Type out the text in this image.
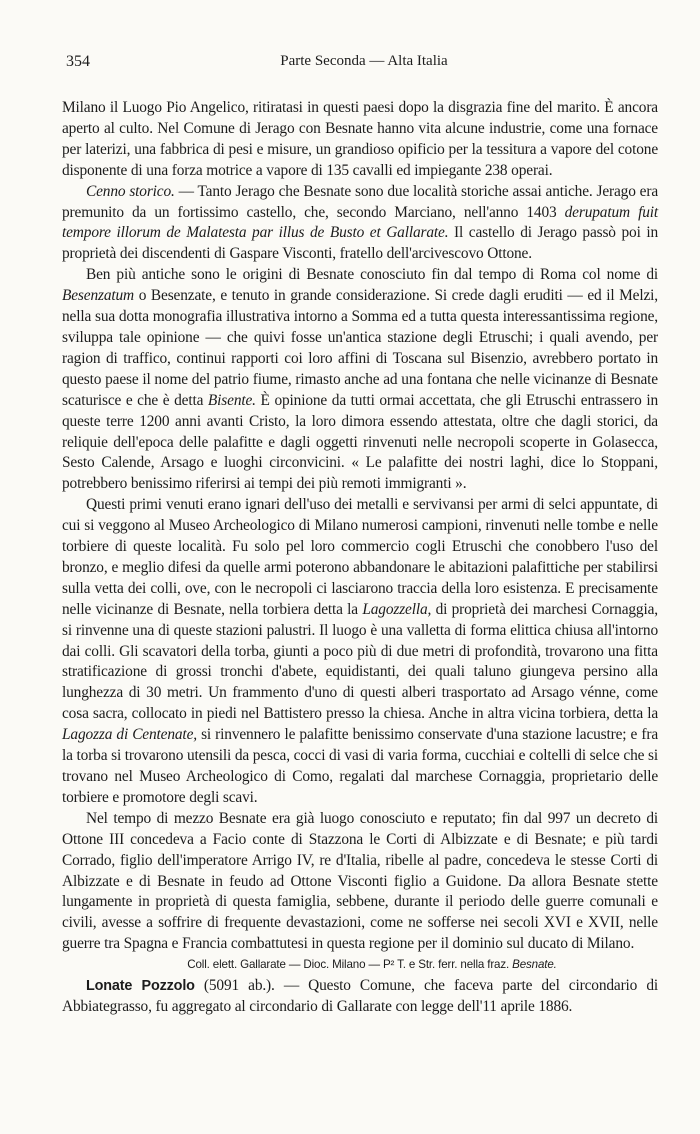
354	Parte Seconda — Alta Italia

Milano il Luogo Pio Angelico, ritiratasi in questi paesi dopo la disgrazia fine del marito. È ancora aperto al culto. Nel Comune di Jerago con Besnate hanno vita alcune industrie, come una fornace per laterizi, una fabbrica di pesi e misure, un grandioso opificio per la tessitura a vapore del cotone disponente di una forza motrice a vapore di 135 cavalli ed impiegante 238 operai.

Cenno storico. — Tanto Jerago che Besnate sono due località storiche assai antiche. Jerago era premunito da un fortissimo castello, che, secondo Marciano, nell'anno 1403 derupatum fuit tempore illorum de Malatesta par illus de Busto et Gallarate. Il castello di Jerago passò poi in proprietà dei discendenti di Gaspare Visconti, fratello dell'arcivescovo Ottone.

Ben più antiche sono le origini di Besnate conosciuto fin dal tempo di Roma col nome di Besenzatum o Besenzate, e tenuto in grande considerazione. Si crede dagli eruditi — ed il Melzi, nella sua dotta monografia illustrativa intorno a Somma ed a tutta questa interessantissima regione, sviluppa tale opinione — che quivi fosse un'antica stazione degli Etruschi; i quali avendo, per ragion di traffico, continui rapporti coi loro affini di Toscana sul Bisenzio, avrebbero portato in questo paese il nome del patrio fiume, rimasto anche ad una fontana che nelle vicinanze di Besnate scaturisce e che è detta Bisente. È opinione da tutti ormai accettata, che gli Etruschi entrassero in queste terre 1200 anni avanti Cristo, la loro dimora essendo attestata, oltre che dagli storici, da reliquie dell'epoca delle palafitte e dagli oggetti rinvenuti nelle necropoli scoperte in Golasecca, Sesto Calende, Arsago e luoghi circonvicini. « Le palafitte dei nostri laghi, dice lo Stoppani, potrebbero benissimo riferirsi ai tempi dei più remoti immigranti ».

Questi primi venuti erano ignari dell'uso dei metalli e servivansi per armi di selci appuntate, di cui si veggono al Museo Archeologico di Milano numerosi campioni, rinvenuti nelle tombe e nelle torbiere di queste località. Fu solo pel loro commercio cogli Etruschi che conobbero l'uso del bronzo, e meglio difesi da quelle armi poterono abbandonare le abitazioni palafittiche per stabilirsi sulla vetta dei colli, ove, con le necropoli ci lasciarono traccia della loro esistenza. E precisamente nelle vicinanze di Besnate, nella torbiera detta la Lagozzella, di proprietà dei marchesi Cornaggia, si rinvenne una di queste stazioni palustri. Il luogo è una valletta di forma elittica chiusa all'intorno dai colli. Gli scavatori della torba, giunti a poco più di due metri di profondità, trovarono una fitta stratificazione di grossi tronchi d'abete, equidistanti, dei quali taluno giungeva persino alla lunghezza di 30 metri. Un frammento d'uno di questi alberi trasportato ad Arsago vénne, come cosa sacra, collocato in piedi nel Battistero presso la chiesa. Anche in altra vicina torbiera, detta la Lagozza di Centenate, si rinvennero le palafitte benissimo conservate d'una stazione lacustre; e fra la torba si trovarono utensili da pesca, cocci di vasi di varia forma, cucchiai e coltelli di selce che si trovano nel Museo Archeologico di Como, regalati dal marchese Cornaggia, proprietario delle torbiere e promotore degli scavi.

Nel tempo di mezzo Besnate era già luogo conosciuto e reputato; fin dal 997 un decreto di Ottone III concedeva a Facio conte di Stazzona le Corti di Albizzate e di Besnate; e più tardi Corrado, figlio dell'imperatore Arrigo IV, re d'Italia, ribelle al padre, concedeva le stesse Corti di Albizzate e di Besnate in feudo ad Ottone Visconti figlio a Guidone. Da allora Besnate stette lungamente in proprietà di questa famiglia, sebbene, durante il periodo delle guerre comunali e civili, avesse a soffrire di frequente devastazioni, come ne sofferse nei secoli XVI e XVII, nelle guerre tra Spagna e Francia combattutesi in questa regione per il dominio sul ducato di Milano.

Coll. elett. Gallarate — Dioc. Milano — P² T. e Str. ferr. nella fraz. Besnate.

Lonate Pozzolo (5091 ab.). — Questo Comune, che faceva parte del circondario di Abbiategrasso, fu aggregato al circondario di Gallarate con legge dell'11 aprile 1886.
